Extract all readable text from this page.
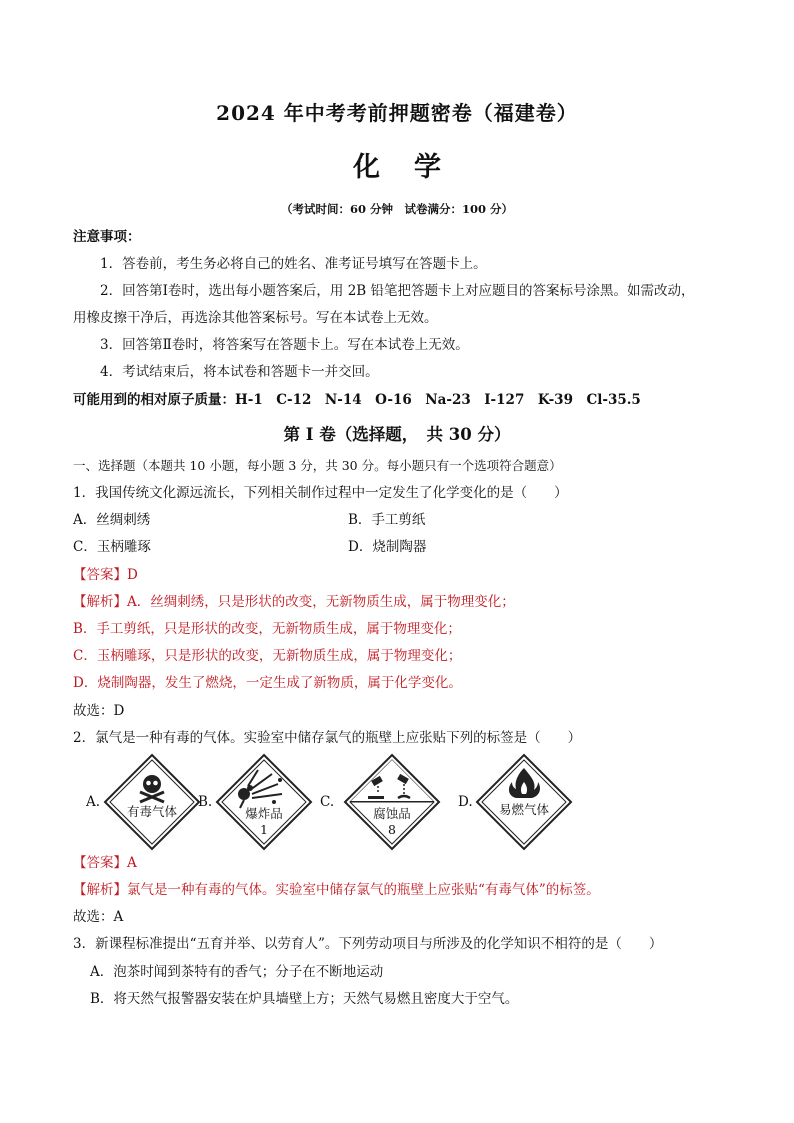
2024 年中考考前押题密卷（福建卷）
化学
（考试时间：60 分钟　试卷满分：100 分）
注意事项：
1．答卷前，考生务必将自己的姓名、准考证号填写在答题卡上。
2．回答第Ⅰ卷时，选出每小题答案后，用 2B 铅笔把答题卡上对应题目的答案标号涂黑。如需改动，
用橡皮擦干净后，再选涂其他答案标号。写在本试卷上无效。
3．回答第Ⅱ卷时，将答案写在答题卡上。写在本试卷上无效。
4．考试结束后，将本试卷和答题卡一并交回。
可能用到的相对原子质量：H-1　C-12　N-14　O-16　Na-23　I-127　K-39　Cl-35.5
第 I 卷（选择题，　共 30 分）
一、选择题（本题共 10 小题，每小题 3 分，共 30 分。每小题只有一个选项符合题意）
1．我国传统文化源远流长，下列相关制作过程中一定发生了化学变化的是（　　）
A．丝绸刺绣	B．手工剪纸
C．玉柄雕琢	D．烧制陶器
【答案】D
【解析】A．丝绸刺绣，只是形状的改变，无新物质生成，属于物理变化；
B．手工剪纸，只是形状的改变，无新物质生成，属于物理变化；
C．玉柄雕琢，只是形状的改变，无新物质生成，属于物理变化；
D．烧制陶器，发生了燃烧，一定生成了新物质，属于化学变化。
故选：D
2．氯气是一种有毒的气体。实验室中储存氯气的瓶壁上应张贴下列的标签是（　　）
A.
有毒气体
B.
爆炸品
1
C.
腐蚀品
8
D.	易燃气体
【答案】A
【解析】氯气是一种有毒的气体。实验室中储存氯气的瓶壁上应张贴“有毒气体”的标签。
故选：A
3．新课程标准提出“五育并举、以劳育人”。下列劳动项目与所涉及的化学知识不相符的是（　　）
A．泡茶时闻到茶特有的香气；分子在不断地运动
B．将天然气报警器安装在炉具墙壁上方；天然气易燃且密度大于空气。
